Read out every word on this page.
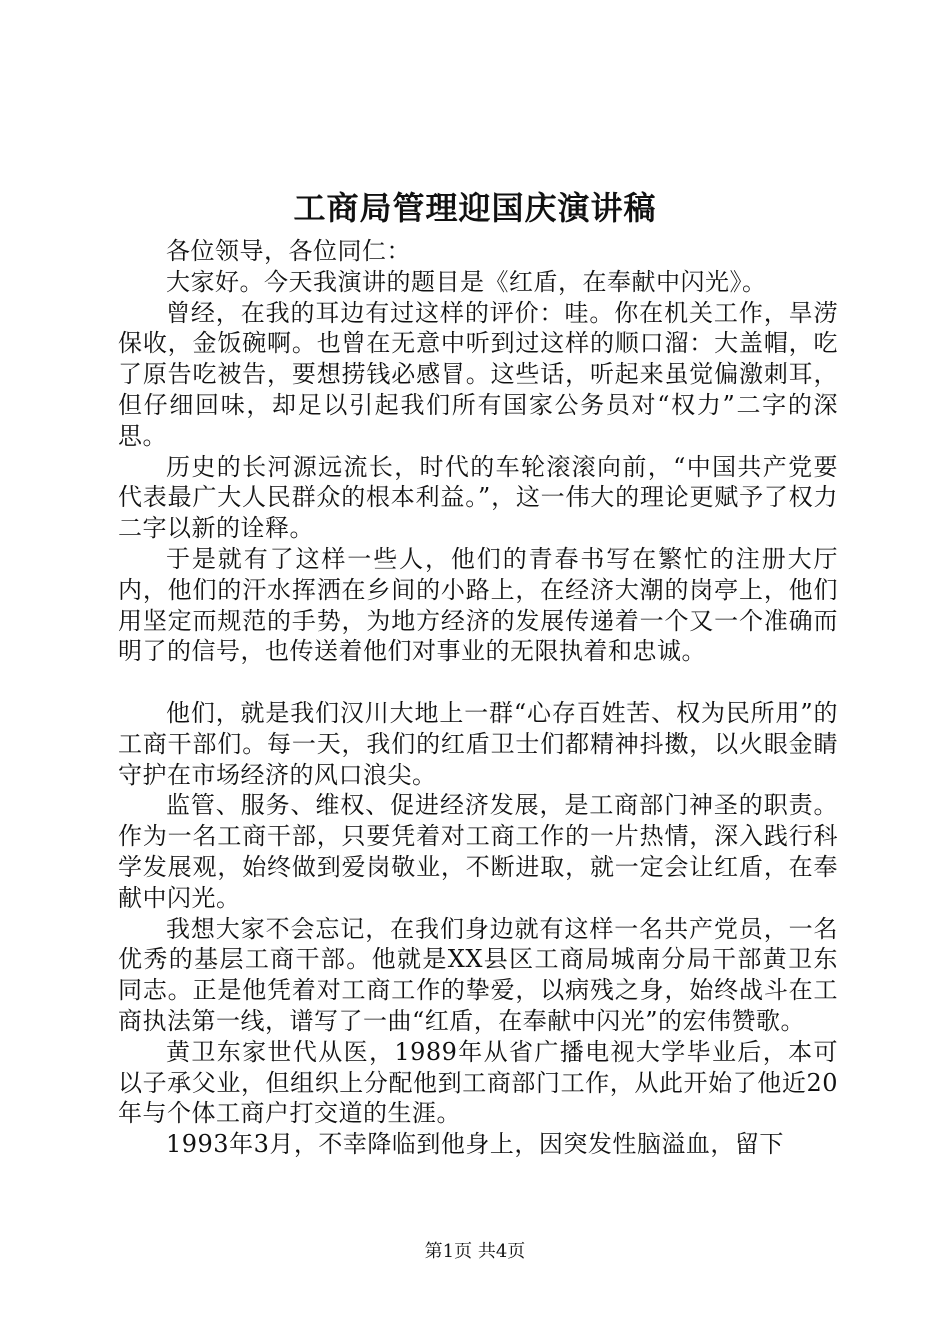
工商局管理迎国庆演讲稿

各位领导，各位同仁：

大家好。今天我演讲的题目是《红盾，在奉献中闪光》。

曾经，在我的耳边有过这样的评价：哇。你在机关工作，旱涝保收，金饭碗啊。也曾在无意中听到过这样的顺口溜：大盖帽，吃了原告吃被告，要想捞钱必感冒。这些话，听起来虽觉偏激刺耳，但仔细回味，却足以引起我们所有国家公务员对“权力”二字的深思。

历史的长河源远流长，时代的车轮滚滚向前，“中国共产党要代表最广大人民群众的根本利益。”，这一伟大的理论更赋予了权力二字以新的诠释。

于是就有了这样一些人，他们的青春书写在繁忙的注册大厅内，他们的汗水挥洒在乡间的小路上，在经济大潮的岗亭上，他们用坚定而规范的手势，为地方经济的发展传递着一个又一个准确而明了的信号，也传送着他们对事业的无限执着和忠诚。

他们，就是我们汉川大地上一群“心存百姓苦、权为民所用”的工商干部们。每一天，我们的红盾卫士们都精神抖擞，以火眼金睛守护在市场经济的风口浪尖。

监管、服务、维权、促进经济发展，是工商部门神圣的职责。作为一名工商干部，只要凭着对工商工作的一片热情，深入践行科学发展观，始终做到爱岗敬业，不断进取，就一定会让红盾，在奉献中闪光。

我想大家不会忘记，在我们身边就有这样一名共产党员，一名优秀的基层工商干部。他就是XX县区工商局城南分局干部黄卫东同志。正是他凭着对工商工作的挚爱，以病残之身，始终战斗在工商执法第一线，谱写了一曲“红盾，在奉献中闪光”的宏伟赞歌。

黄卫东家世代从医，1989年从省广播电视大学毕业后，本可以子承父业，但组织上分配他到工商部门工作，从此开始了他近20年与个体工商户打交道的生涯。

1993年3月，不幸降临到他身上，因突发性脑溢血，留下

第1页 共4页
